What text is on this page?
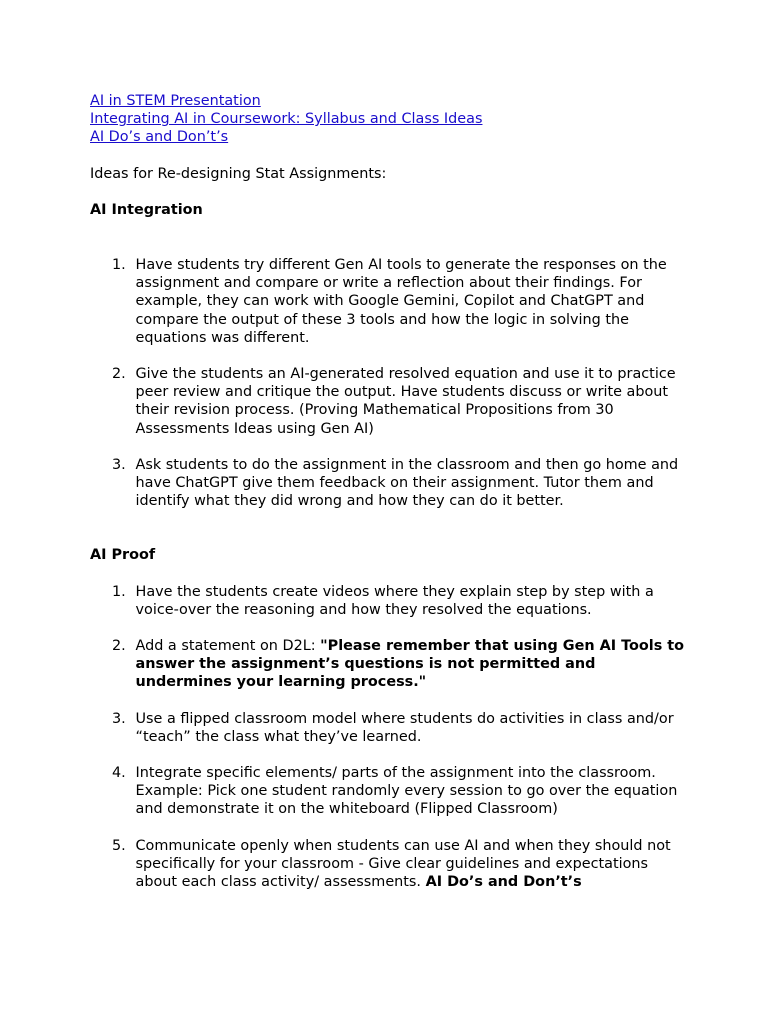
AI in STEM Presentation
Integrating AI in Coursework: Syllabus and Class Ideas
AI Do’s and Don’t’s
Ideas for Re-designing Stat Assignments:
AI Integration
1. Have students try different Gen AI tools to generate the responses on the assignment and compare or write a reflection about their findings. For example, they can work with Google Gemini, Copilot and ChatGPT and compare the output of these 3 tools and how the logic in solving the equations was different.
2. Give the students an AI-generated resolved equation and use it to practice peer review and critique the output. Have students discuss or write about their revision process. (Proving Mathematical Propositions from 30 Assessments Ideas using Gen AI)
3. Ask students to do the assignment in the classroom and then go home and have ChatGPT give them feedback on their assignment. Tutor them and identify what they did wrong and how they can do it better.
AI Proof
1. Have the students create videos where they explain step by step with a voice-over the reasoning and how they resolved the equations.
2. Add a statement on D2L: "Please remember that using Gen AI Tools to answer the assignment’s questions is not permitted and undermines your learning process."
3. Use a flipped classroom model where students do activities in class and/or “teach” the class what they’ve learned.
4. Integrate specific elements/ parts of the assignment into the classroom. Example: Pick one student randomly every session to go over the equation and demonstrate it on the whiteboard (Flipped Classroom)
5. Communicate openly when students can use AI and when they should not specifically for your classroom - Give clear guidelines and expectations about each class activity/ assessments. AI Do’s and Don’t’s
